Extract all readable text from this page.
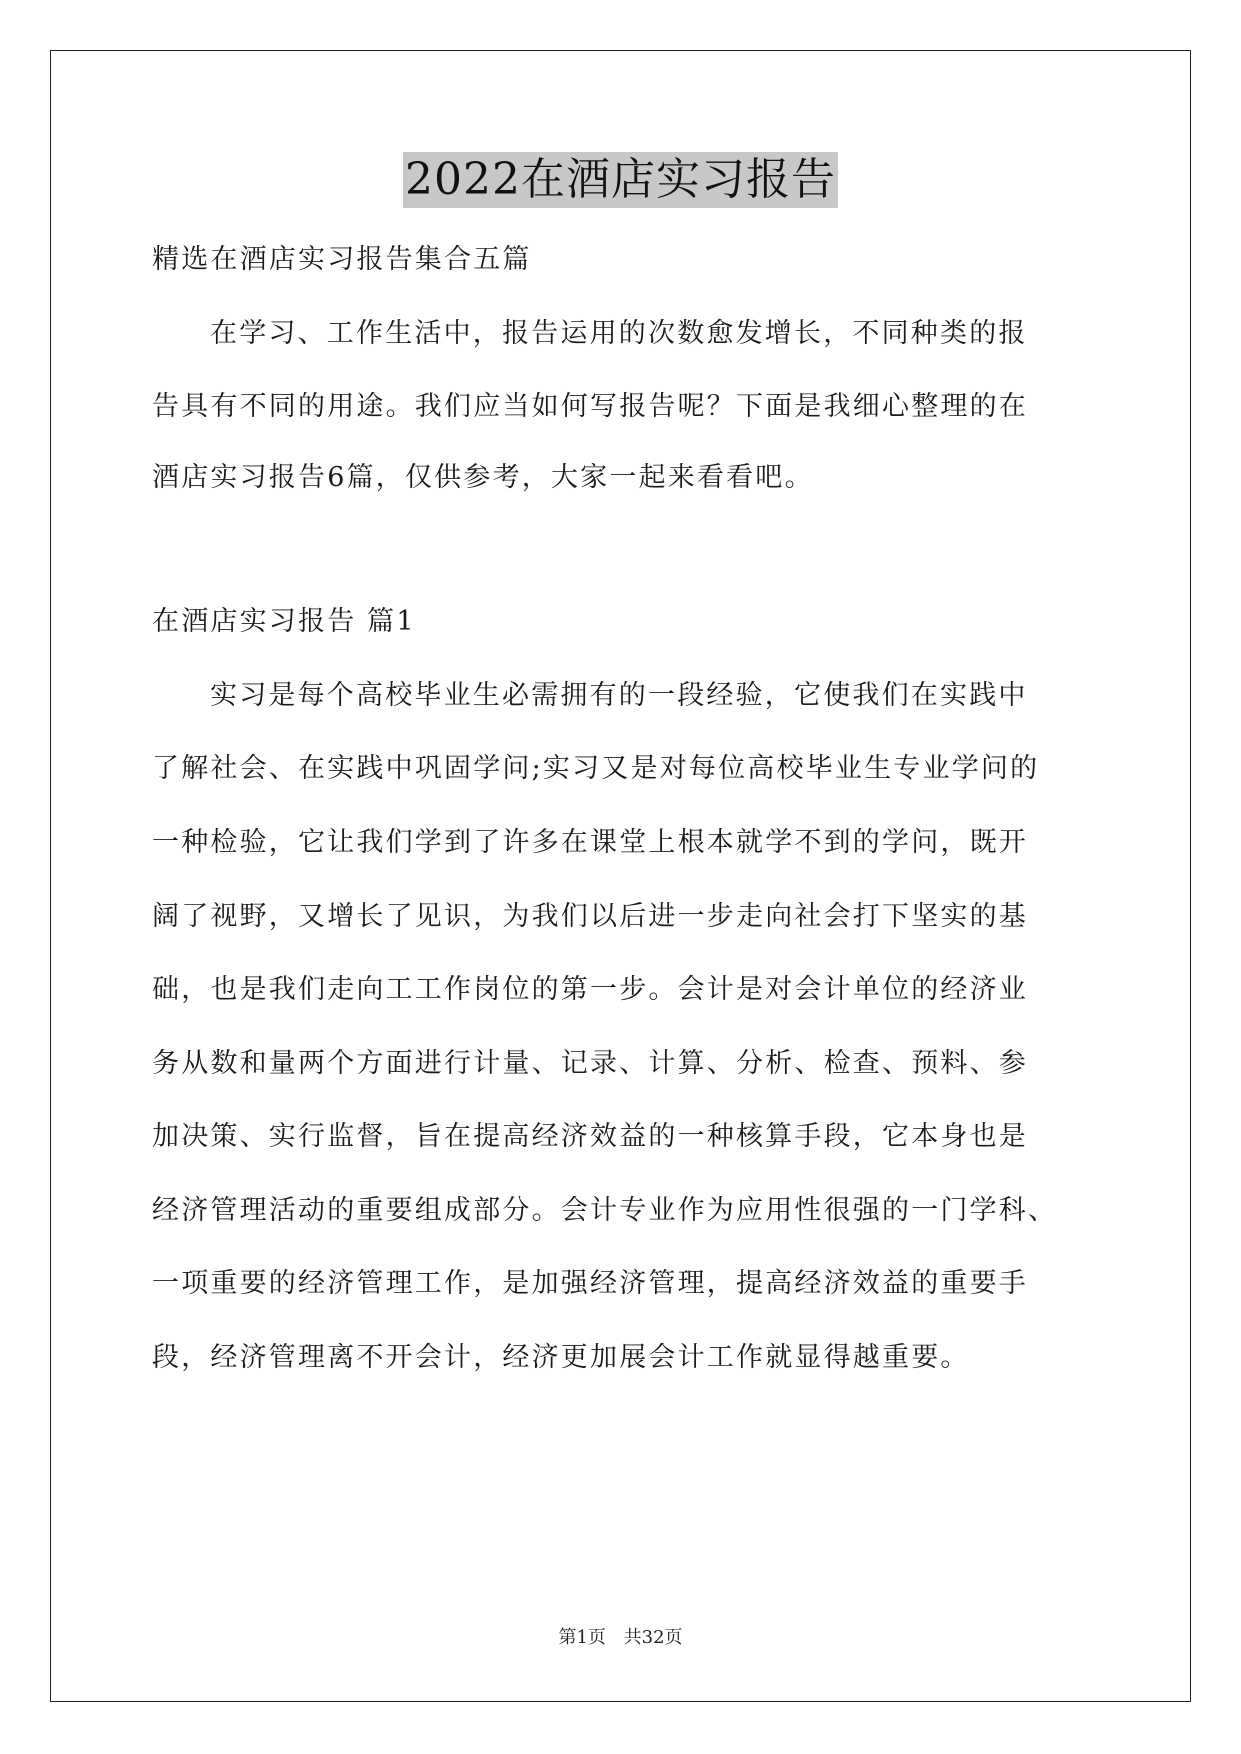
2022在酒店实习报告
精选在酒店实习报告集合五篇
在学习、工作生活中，报告运用的次数愈发增长，不同种类的报
告具有不同的用途。我们应当如何写报告呢？下面是我细心整理的在
酒店实习报告6篇，仅供参考，大家一起来看看吧。
在酒店实习报告 篇1
实习是每个高校毕业生必需拥有的一段经验，它使我们在实践中
了解社会、在实践中巩固学问;实习又是对每位高校毕业生专业学问的
一种检验，它让我们学到了许多在课堂上根本就学不到的学问，既开
阔了视野，又增长了见识，为我们以后进一步走向社会打下坚实的基
础，也是我们走向工工作岗位的第一步。会计是对会计单位的经济业
务从数和量两个方面进行计量、记录、计算、分析、检查、预料、参
加决策、实行监督，旨在提高经济效益的一种核算手段，它本身也是
经济管理活动的重要组成部分。会计专业作为应用性很强的一门学科、
一项重要的经济管理工作，是加强经济管理，提高经济效益的重要手
段，经济管理离不开会计，经济更加展会计工作就显得越重要。
第1页 共32页
